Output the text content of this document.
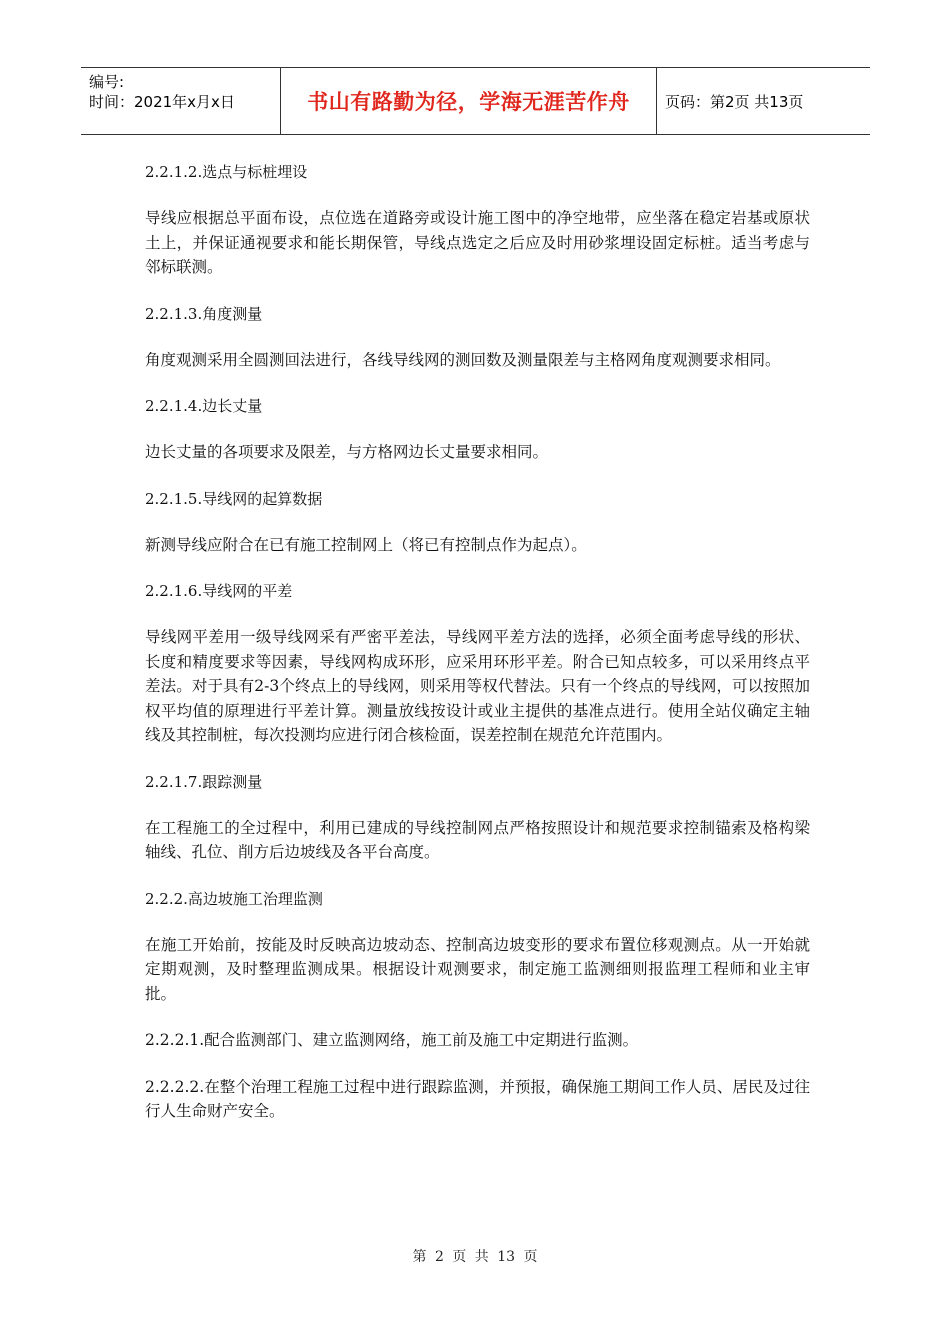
编号:
时间：2021年x月x日	书山有路勤为径，学海无涯苦作舟	页码：第2页 共13页
2.2.1.2.选点与标桩埋设
导线应根据总平面布设，点位选在道路旁或设计施工图中的净空地带，应坐落在稳定岩基或原状土上，并保证通视要求和能长期保管，导线点选定之后应及时用砂浆埋设固定标桩。适当考虑与邻标联测。
2.2.1.3.角度测量
角度观测采用全圆测回法进行，各线导线网的测回数及测量限差与主格网角度观测要求相同。
2.2.1.4.边长丈量
边长丈量的各项要求及限差，与方格网边长丈量要求相同。
2.2.1.5.导线网的起算数据
新测导线应附合在已有施工控制网上（将已有控制点作为起点）。
2.2.1.6.导线网的平差
导线网平差用一级导线网采有严密平差法，导线网平差方法的选择，必须全面考虑导线的形状、长度和精度要求等因素，导线网构成环形，应采用环形平差。附合已知点较多，可以采用终点平差法。对于具有2-3个终点上的导线网，则采用等权代替法。只有一个终点的导线网，可以按照加权平均值的原理进行平差计算。测量放线按设计或业主提供的基准点进行。使用全站仪确定主轴线及其控制桩，每次投测均应进行闭合核检面，误差控制在规范允许范围内。
2.2.1.7.跟踪测量
在工程施工的全过程中，利用已建成的导线控制网点严格按照设计和规范要求控制锚索及格构梁轴线、孔位、削方后边坡线及各平台高度。
2.2.2.高边坡施工治理监测
在施工开始前，按能及时反映高边坡动态、控制高边坡变形的要求布置位移观测点。从一开始就定期观测，及时整理监测成果。根据设计观测要求，制定施工监测细则报监理工程师和业主审批。
2.2.2.1.配合监测部门、建立监测网络，施工前及施工中定期进行监测。
2.2.2.2.在整个治理工程施工过程中进行跟踪监测，并预报，确保施工期间工作人员、居民及过往行人生命财产安全。
第 2 页 共 13 页
